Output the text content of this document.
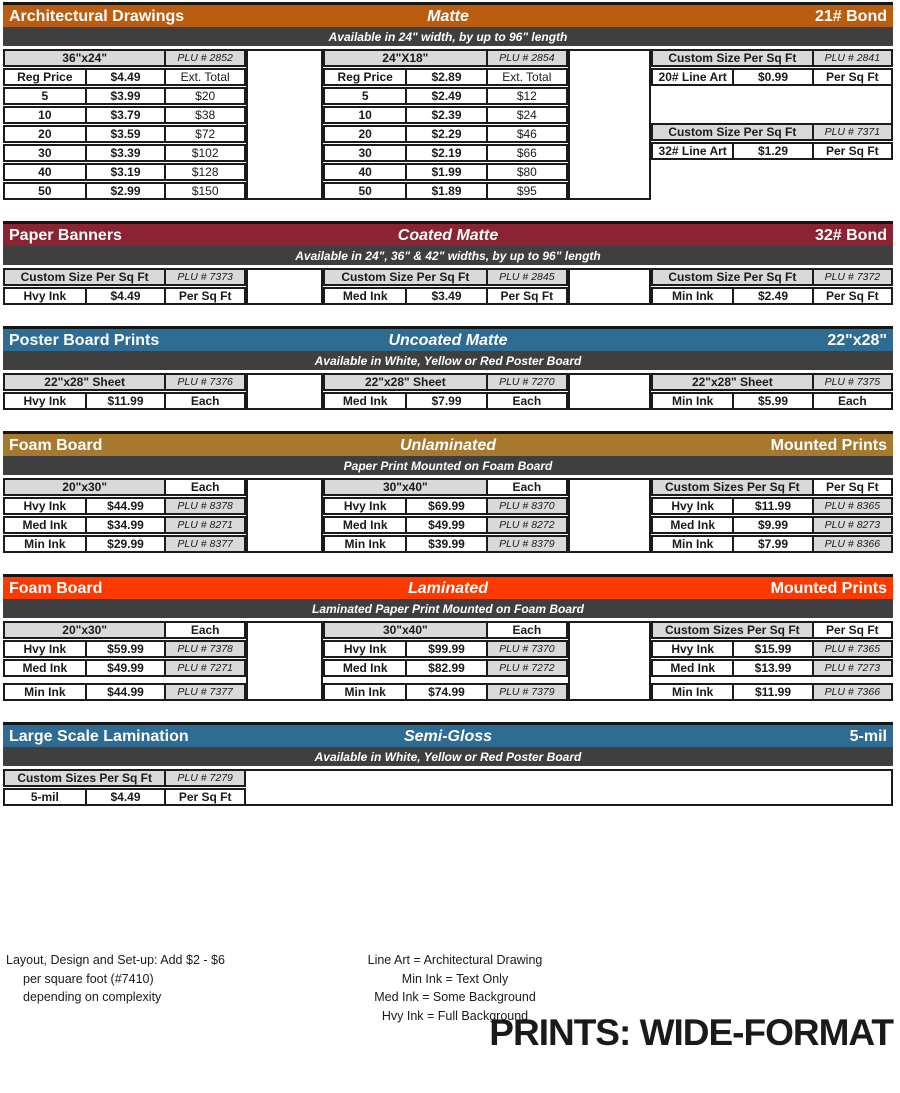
Matte
Architectural Drawings	21# Bond
Available in 24" width, by up to 96" length
36"x24"	PLU # 2852
Reg Price	$4.49	Ext. Total
5	$3.99	$20
10	$3.79	$38
20	$3.59	$72
30	$3.39	$102
40	$3.19	$128
50	$2.99	$150
24"X18"	PLU # 2854
Reg Price	$2.89	Ext. Total
5	$2.49	$12
10	$2.39	$24
20	$2.29	$46
30	$2.19	$66
40	$1.99	$80
50	$1.89	$95
Custom Size Per Sq Ft	PLU # 2841
20# Line Art	$0.99	Per Sq Ft
Custom Size Per Sq Ft	PLU # 7371
32# Line Art	$1.29	Per Sq Ft
Coated Matte
Paper Banners	32# Bond
Available in 24", 36" & 42" widths, by up to 96" length
Custom Size Per Sq Ft	PLU # 7373
Hvy Ink	$4.49	Per Sq Ft
Custom Size Per Sq Ft	PLU # 2845
Med Ink	$3.49	Per Sq Ft
Custom Size Per Sq Ft	PLU # 7372
Min Ink	$2.49	Per Sq Ft
Uncoated Matte
Poster Board Prints	22"x28"
Available in White, Yellow or Red Poster Board
22"x28" Sheet	PLU # 7376
Hvy Ink	$11.99	Each
22"x28" Sheet	PLU # 7270
Med Ink	$7.99	Each
22"x28" Sheet	PLU # 7375
Min Ink	$5.99	Each
Unlaminated
Foam Board	Mounted Prints
Paper Print Mounted on Foam Board
20"x30"	Each
Hvy Ink	$44.99	PLU # 8378
Med Ink	$34.99	PLU # 8271
Min Ink	$29.99	PLU # 8377
30"x40"	Each
Hvy Ink	$69.99	PLU # 8370
Med Ink	$49.99	PLU # 8272
Min Ink	$39.99	PLU # 8379
Custom Sizes Per Sq Ft	Per Sq Ft
Hvy Ink	$11.99	PLU # 8365
Med Ink	$9.99	PLU # 8273
Min Ink	$7.99	PLU # 8366
Laminated
Foam Board	Mounted Prints
Laminated Paper Print Mounted on Foam Board
20"x30"	Each
Hvy Ink	$59.99	PLU # 7378
Med Ink	$49.99	PLU # 7271
Min Ink	$44.99	PLU # 7377
30"x40"	Each
Hvy Ink	$99.99	PLU # 7370
Med Ink	$82.99	PLU # 7272
Min Ink	$74.99	PLU # 7379
Custom Sizes Per Sq Ft	Per Sq Ft
Hvy Ink	$15.99	PLU # 7365
Med Ink	$13.99	PLU # 7273
Min Ink	$11.99	PLU # 7366
Semi-Gloss
Large Scale Lamination	5-mil
Available in White, Yellow or Red Poster Board
Custom Sizes Per Sq Ft	PLU # 7279
5-mil	$4.49	Per Sq Ft
Layout, Design and Set-up: Add $2 - $6
per square foot (#7410)
depending on complexity
Line Art = Architectural Drawing
Min Ink = Text Only
Med Ink = Some Background
Hvy Ink = Full Background
PRINTS: WIDE-FORMAT
